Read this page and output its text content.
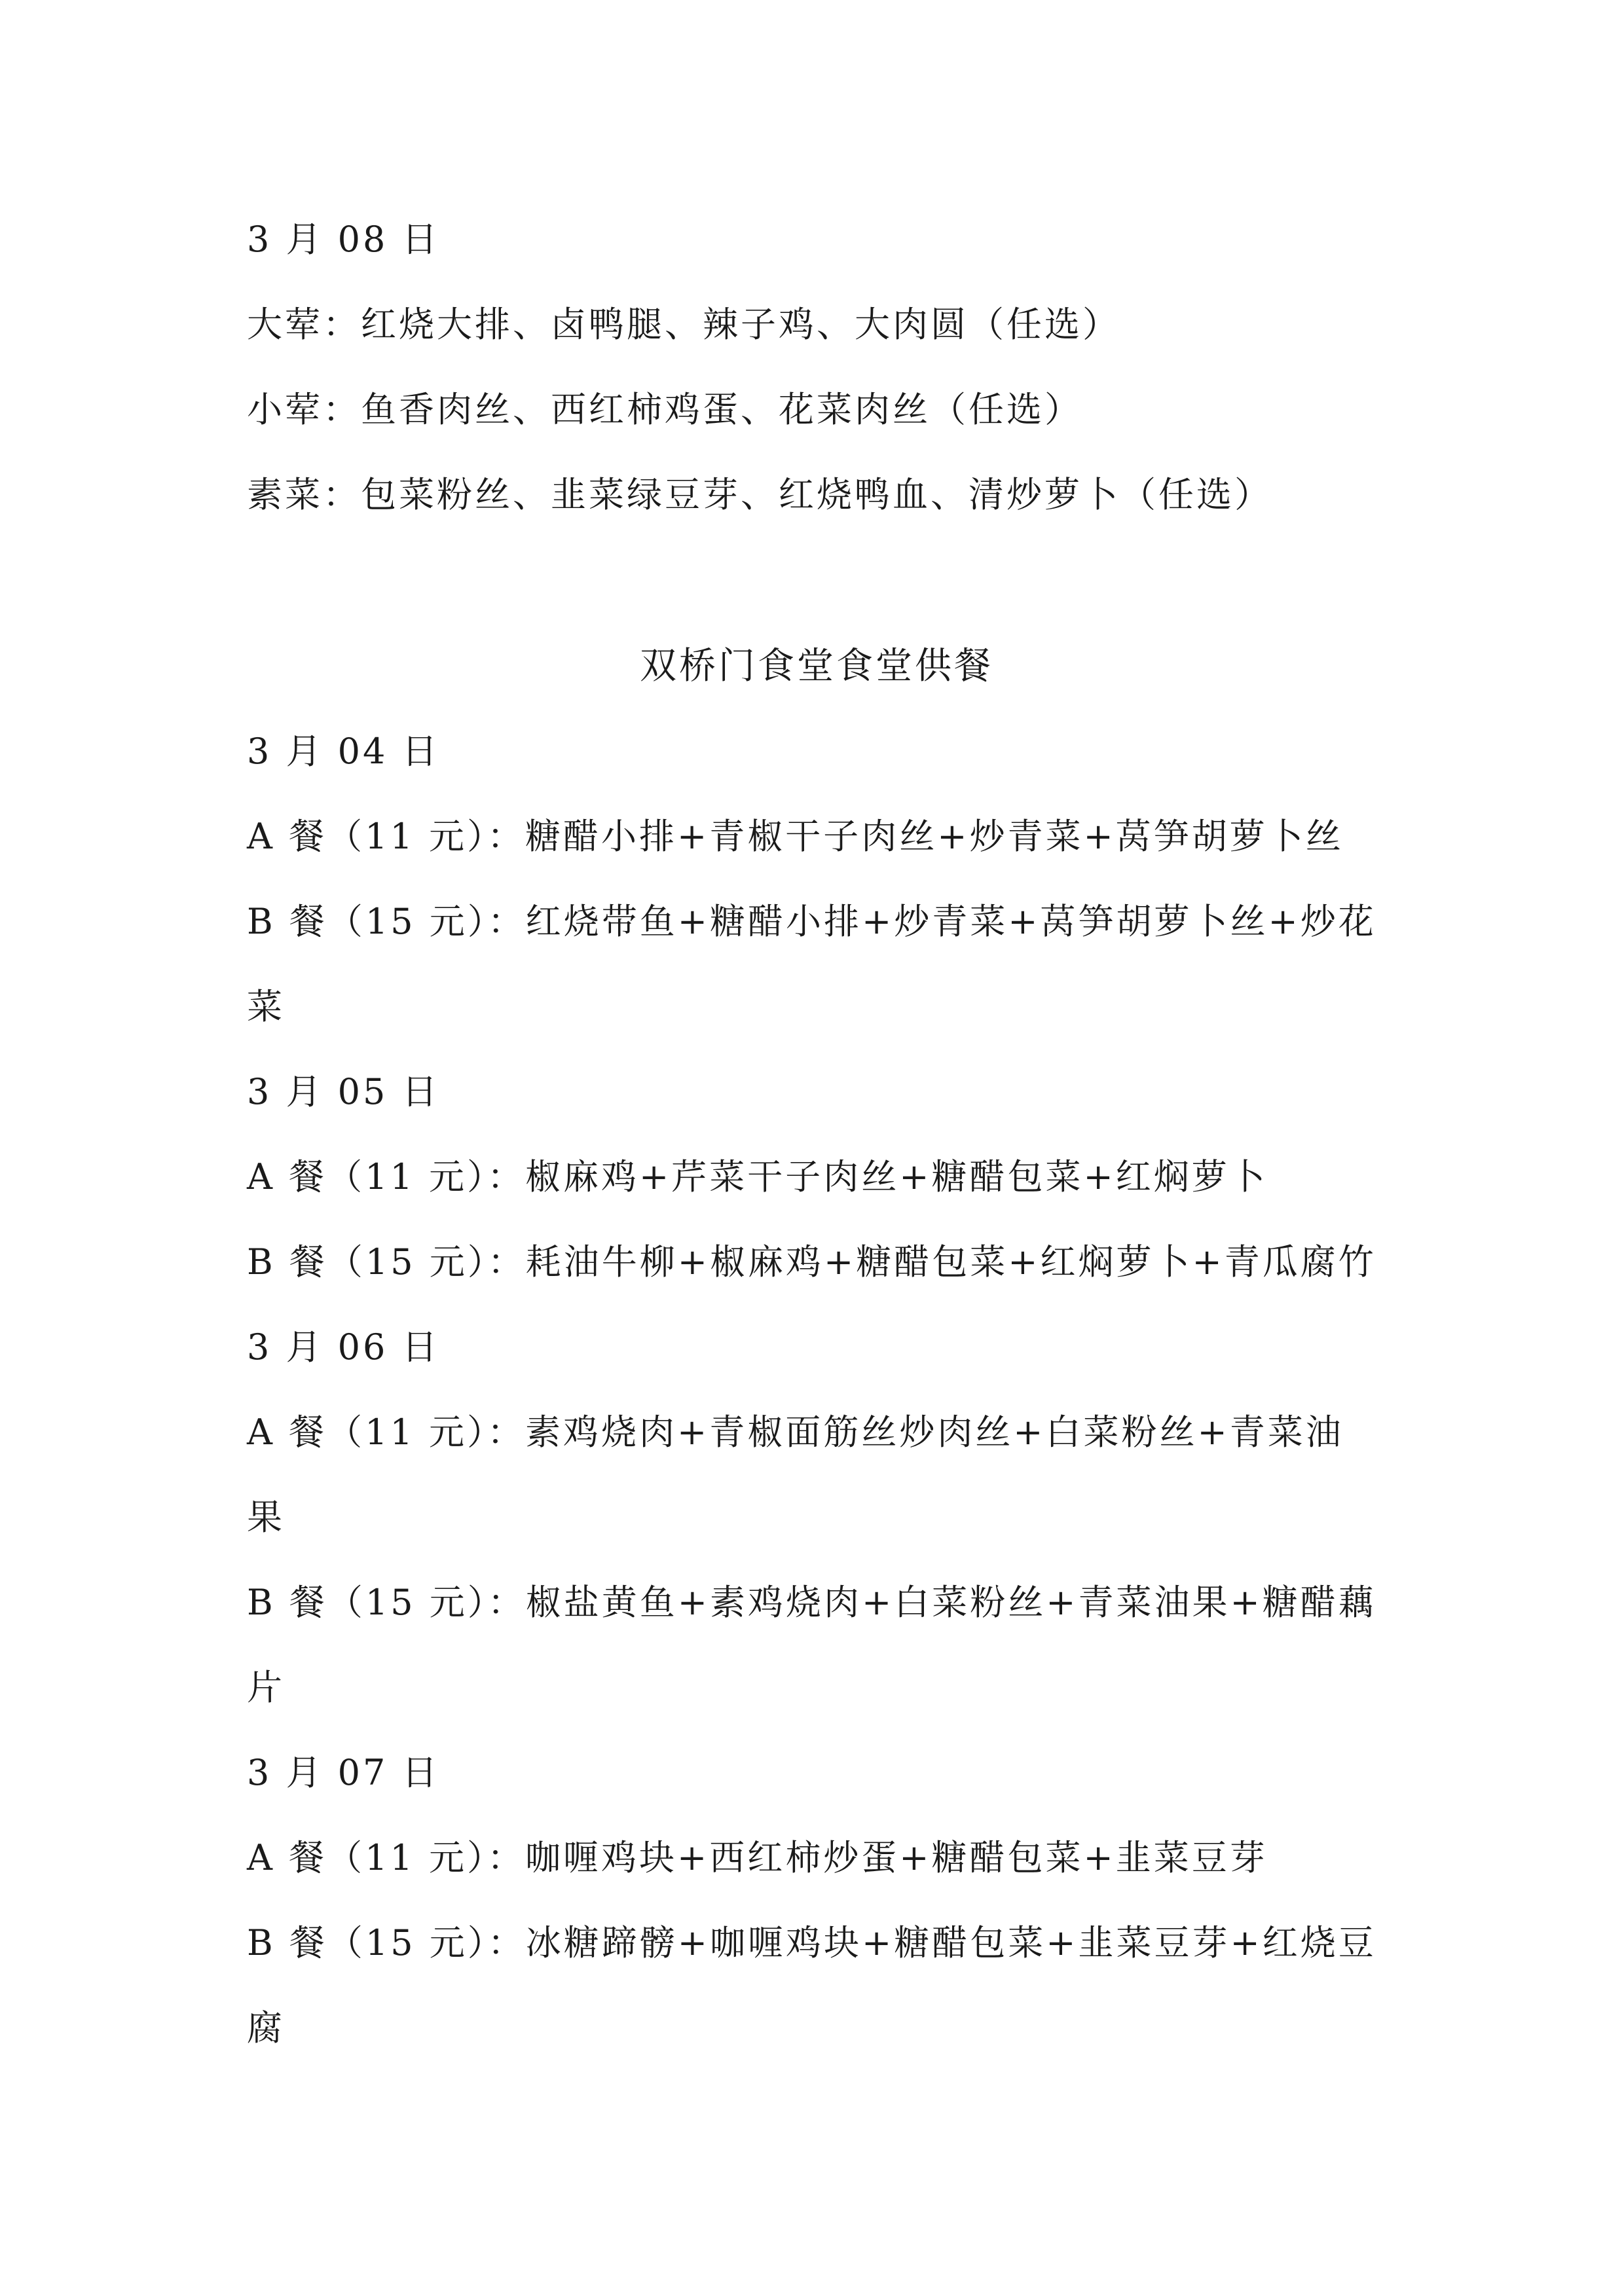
3 月 08 日
大荤：红烧大排、卤鸭腿、辣子鸡、大肉圆（任选）
小荤：鱼香肉丝、西红柿鸡蛋、花菜肉丝（任选）
素菜：包菜粉丝、韭菜绿豆芽、红烧鸭血、清炒萝卜（任选）
双桥门食堂食堂供餐
3 月 04 日
A 餐（11 元）：糖醋小排+青椒干子肉丝+炒青菜+莴笋胡萝卜丝
B 餐（15 元）：红烧带鱼+糖醋小排+炒青菜+莴笋胡萝卜丝+炒花
菜
3 月 05 日
A 餐（11 元）：椒麻鸡+芹菜干子肉丝+糖醋包菜+红焖萝卜
B 餐（15 元）：耗油牛柳+椒麻鸡+糖醋包菜+红焖萝卜+青瓜腐竹
3 月 06 日
A 餐（11 元）：素鸡烧肉+青椒面筋丝炒肉丝+白菜粉丝+青菜油
果
B 餐（15 元）：椒盐黄鱼+素鸡烧肉+白菜粉丝+青菜油果+糖醋藕
片
3 月 07 日
A 餐（11 元）：咖喱鸡块+西红柿炒蛋+糖醋包菜+韭菜豆芽
B 餐（15 元）：冰糖蹄髈+咖喱鸡块+糖醋包菜+韭菜豆芽+红烧豆
腐
